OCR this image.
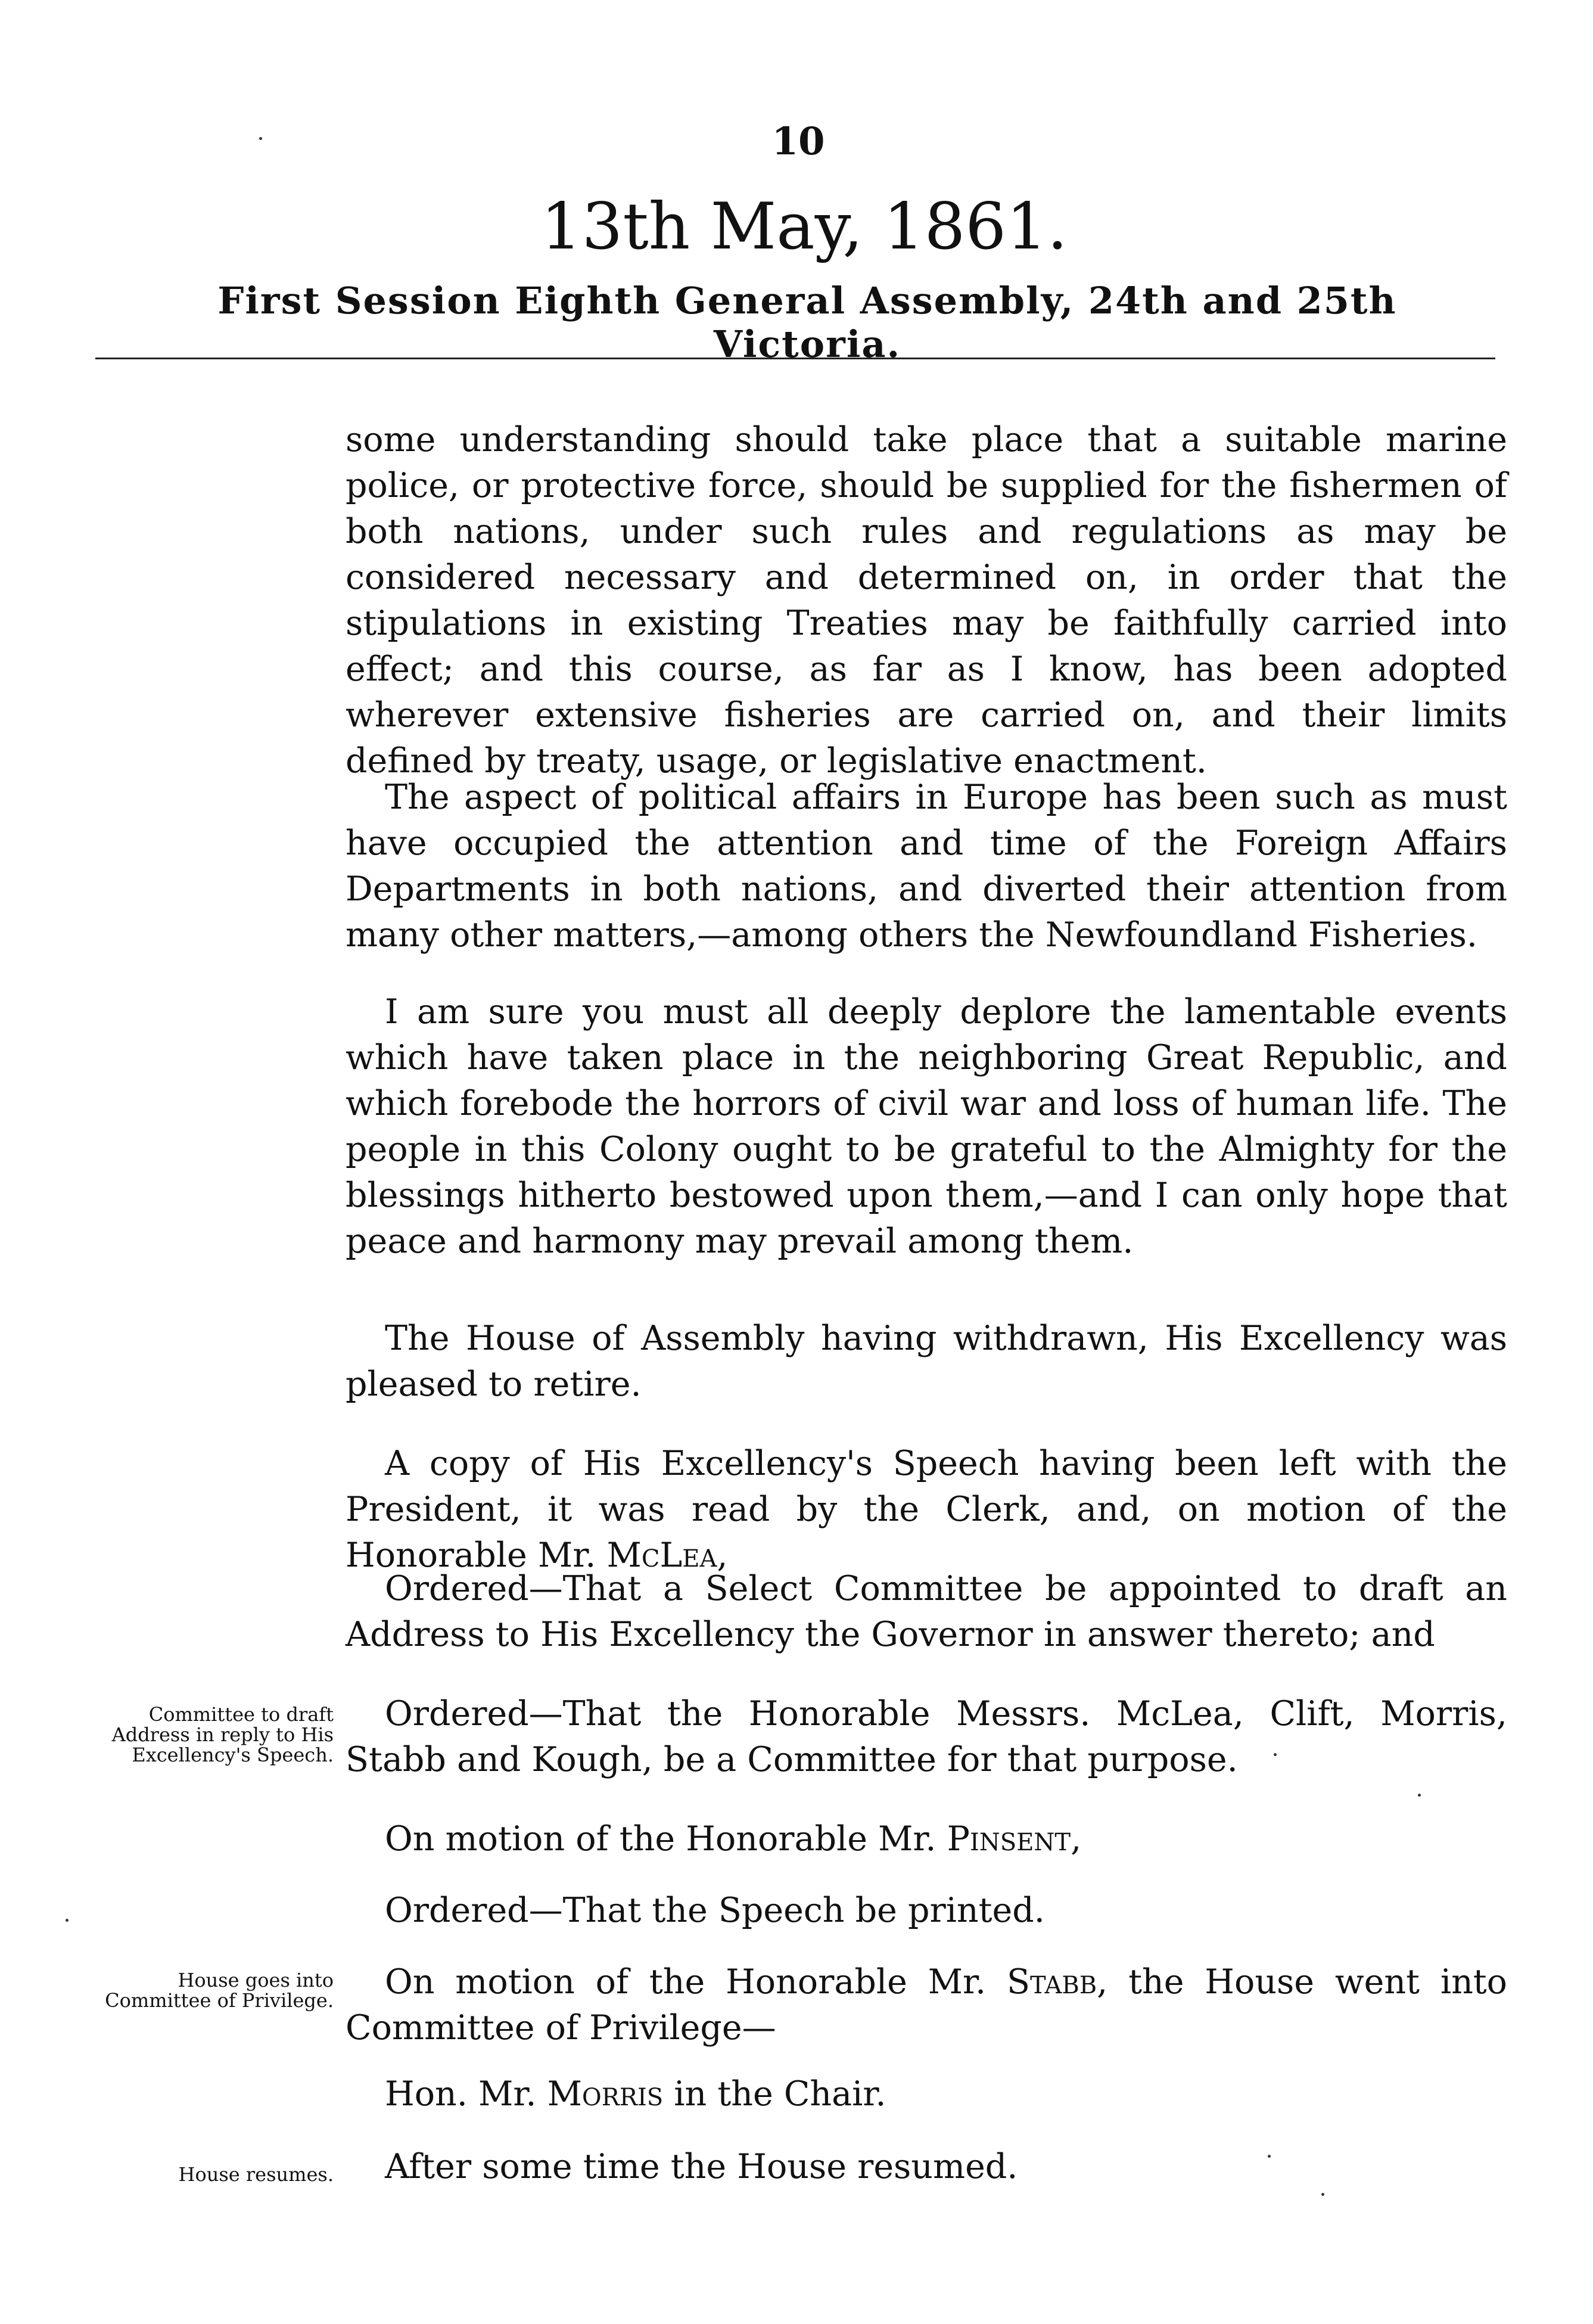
10
13th May, 1861.
First Session Eighth General Assembly, 24th and 25th Victoria.

some understanding should take place that a suitable marine police, or protective force, should be supplied for the fishermen of both nations, under such rules and regulations as may be considered necessary and determined on, in order that the stipulations in existing Treaties may be faithfully carried into effect; and this course, as far as I know, has been adopted wherever extensive fisheries are carried on, and their limits defined by treaty, usage, or legislative enactment.

The aspect of political affairs in Europe has been such as must have occupied the attention and time of the Foreign Affairs Departments in both nations, and diverted their attention from many other matters,—among others the Newfoundland Fisheries.

I am sure you must all deeply deplore the lamentable events which have taken place in the neighboring Great Republic, and which forebode the horrors of civil war and loss of human life. The people in this Colony ought to be grateful to the Almighty for the blessings hitherto bestowed upon them,—and I can only hope that peace and harmony may prevail among them.

The House of Assembly having withdrawn, His Excellency was pleased to retire.

A copy of His Excellency's Speech having been left with the President, it was read by the Clerk, and, on motion of the Honorable Mr. McLea,

Ordered—That a Select Committee be appointed to draft an Address to His Excellency the Governor in answer thereto; and

Ordered—That the Honorable Messrs. McLea, Clift, Morris, Stabb and Kough, be a Committee for that purpose.

On motion of the Honorable Mr. Pinsent,

Ordered—That the Speech be printed.

On motion of the Honorable Mr. Stabb, the House went into Committee of Privilege—

Hon. Mr. Morris in the Chair.

After some time the House resumed.

Committee to draft Address in reply to His Excellency's Speech.
House goes into Committee of Privilege.
House resumes.
